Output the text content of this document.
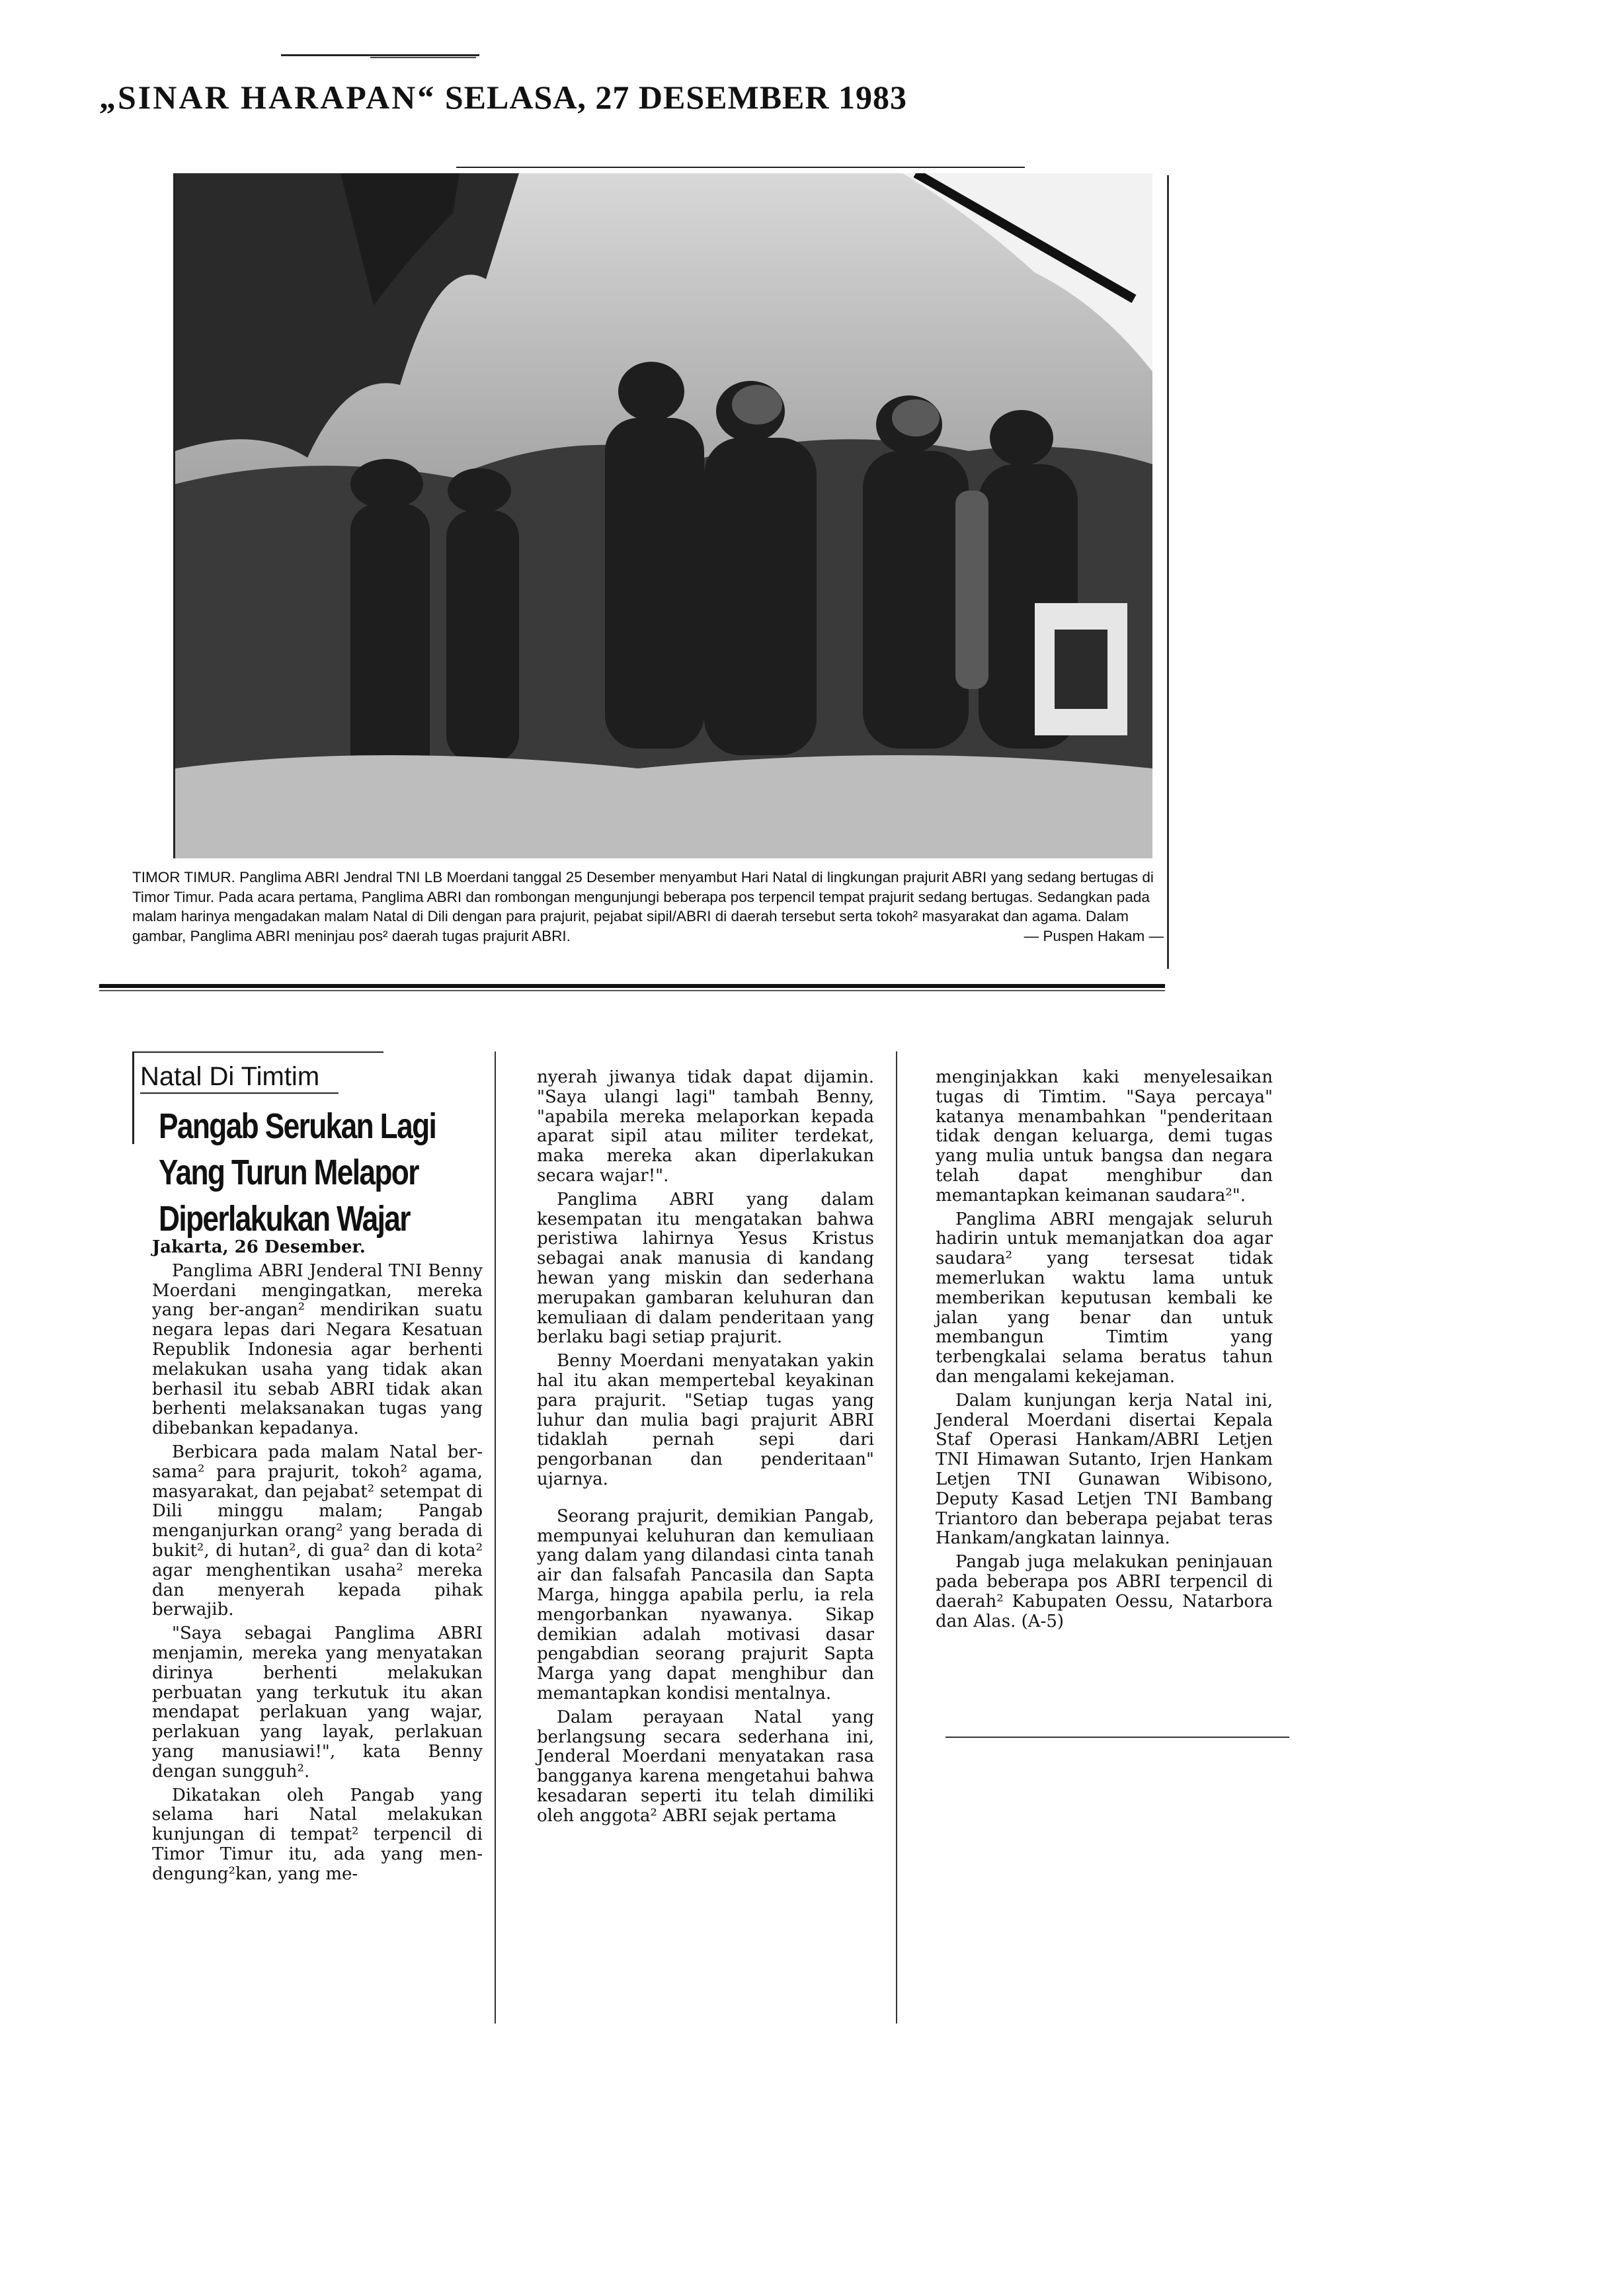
„SINAR HARAPAN“ SELASA, 27 DESEMBER 1983
TIMOR TIMUR. Panglima ABRI Jendral TNI LB Moerdani tanggal 25 Desember menyambut Hari Natal di lingkungan prajurit ABRI yang sedang bertugas di Timor Timur. Pada acara pertama, Panglima ABRI dan rombongan mengunjungi beberapa pos terpencil tempat prajurit sedang bertugas. Sedangkan pada malam harinya mengadakan malam Natal di Dili dengan para prajurit, pejabat sipil/ABRI di daerah tersebut serta tokoh² masyarakat dan agama. Dalam gambar, Panglima ABRI meninjau pos² daerah tugas prajurit ABRI.	— Puspen Hakam —
Natal Di Timtim
Pangab Serukan Lagi
Yang Turun Melapor
Diperlakukan Wajar

Jakarta, 26 Desember.

Panglima ABRI Jenderal TNI Benny Moerdani mengingatkan, mereka yang ber-angan² mendirikan suatu negara lepas dari Negara Kesatuan Republik Indonesia agar berhenti melakukan usaha yang tidak akan berhasil itu sebab ABRI tidak akan berhenti melaksanakan tugas yang dibebankan kepadanya.

Berbicara pada malam Natal ber-sama² para prajurit, tokoh² agama, masyarakat, dan pejabat² setempat di Dili minggu malam; Pangab menganjurkan orang² yang berada di bukit², di hutan², di gua² dan di kota² agar menghentikan usaha² mereka dan menyerah kepada pihak berwajib.

"Saya sebagai Panglima ABRI menjamin, mereka yang menyatakan dirinya berhenti melakukan perbuatan yang terkutuk itu akan mendapat perlakuan yang wajar, perlakuan yang layak, perlakuan yang manusiawi!", kata Benny dengan sungguh².

Dikatakan oleh Pangab yang selama hari Natal melakukan kunjungan di tempat² terpencil di Timor Timur itu, ada yang men-dengung²kan, yang me-

nyerah jiwanya tidak dapat dijamin. "Saya ulangi lagi" tambah Benny, "apabila mereka melaporkan kepada aparat sipil atau militer terdekat, maka mereka akan diperlakukan secara wajar!".

Panglima ABRI yang dalam kesempatan itu mengatakan bahwa peristiwa lahirnya Yesus Kristus sebagai anak manusia di kandang hewan yang miskin dan sederhana merupakan gambaran keluhuran dan kemuliaan di dalam penderitaan yang berlaku bagi setiap prajurit.

Benny Moerdani menyatakan yakin hal itu akan mempertebal keyakinan para prajurit. "Setiap tugas yang luhur dan mulia bagi prajurit ABRI tidaklah pernah sepi dari pengorbanan dan penderitaan" ujarnya.

Seorang prajurit, demikian Pangab, mempunyai keluhuran dan kemuliaan yang dalam yang dilandasi cinta tanah air dan falsafah Pancasila dan Sapta Marga, hingga apabila perlu, ia rela mengorbankan nyawanya. Sikap demikian adalah motivasi dasar pengabdian seorang prajurit Sapta Marga yang dapat menghibur dan memantapkan kondisi mentalnya.

Dalam perayaan Natal yang berlangsung secara sederhana ini, Jenderal Moerdani menyatakan rasa bangganya karena mengetahui bahwa kesadaran seperti itu telah dimiliki oleh anggota² ABRI sejak pertama

menginjakkan kaki menyelesaikan tugas di Timtim. "Saya percaya" katanya menambahkan "penderitaan tidak dengan keluarga, demi tugas yang mulia untuk bangsa dan negara telah dapat menghibur dan memantapkan keimanan saudara²".

Panglima ABRI mengajak seluruh hadirin untuk memanjatkan doa agar saudara² yang tersesat tidak memerlukan waktu lama untuk memberikan keputusan kembali ke jalan yang benar dan untuk membangun Timtim yang terbengkalai selama beratus tahun dan mengalami kekejaman.

Dalam kunjungan kerja Natal ini, Jenderal Moerdani disertai Kepala Staf Operasi Hankam/ABRI Letjen TNI Himawan Sutanto, Irjen Hankam Letjen TNI Gunawan Wibisono, Deputy Kasad Letjen TNI Bambang Triantoro dan beberapa pejabat teras Hankam/angkatan lainnya.

Pangab juga melakukan peninjauan pada beberapa pos ABRI terpencil di daerah² Kabupaten Oessu, Natarbora dan Alas. (A-5)
